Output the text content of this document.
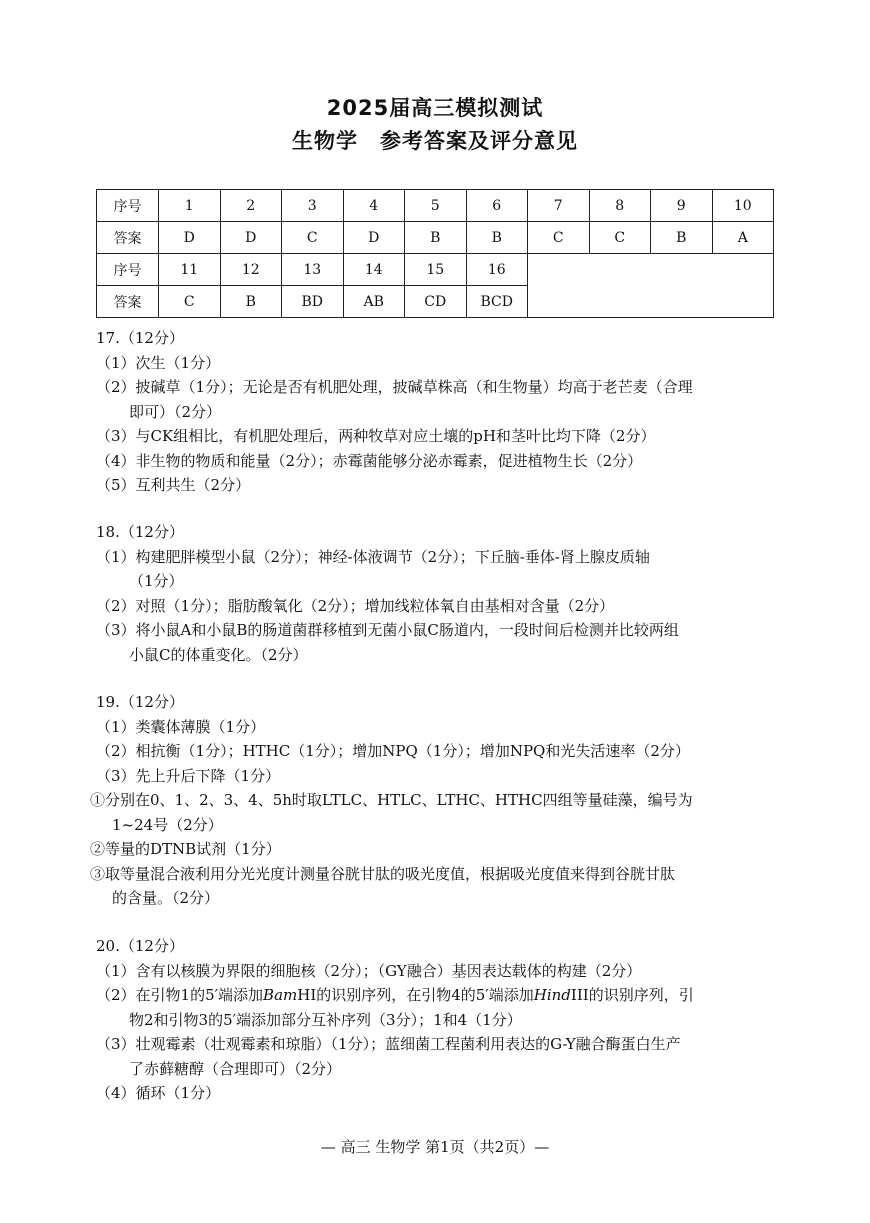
2025届高三模拟测试
生物学 参考答案及评分意见
序号	1	2	3	4	5	6	7	8	9	10
答案	D	D	C	D	B	B	C	C	B	A
序号	11	12	13	14	15	16				
答案	C	B	BD	AB	CD	BCD				
17.（12分）
（1）次生（1分）
（2）披碱草（1分）；无论是否有机肥处理，披碱草株高（和生物量）均高于老芒麦（合理
即可）（2分）
（3）与CK组相比，有机肥处理后，两种牧草对应土壤的pH和茎叶比均下降（2分）
（4）非生物的物质和能量（2分）；赤霉菌能够分泌赤霉素，促进植物生长（2分）
（5）互利共生（2分）
18.（12分）
（1）构建肥胖模型小鼠（2分）；神经-体液调节（2分）；下丘脑-垂体-肾上腺皮质轴
（1分）
（2）对照（1分）；脂肪酸氧化（2分）；增加线粒体氧自由基相对含量（2分）
（3）将小鼠A和小鼠B的肠道菌群移植到无菌小鼠C肠道内，一段时间后检测并比较两组
小鼠C的体重变化。（2分）
19.（12分）
（1）类囊体薄膜（1分）
（2）相抗衡（1分）；HTHC（1分）；增加NPQ（1分）；增加NPQ和光失活速率（2分）
（3）先上升后下降（1分）
①分别在0、1、2、3、4、5h时取LTLC、HTLC、LTHC、HTHC四组等量硅藻，编号为
1~24号（2分）
②等量的DTNB试剂（1分）
③取等量混合液利用分光光度计测量谷胱甘肽的吸光度值，根据吸光度值来得到谷胱甘肽
的含量。（2分）
20.（12分）
（1）含有以核膜为界限的细胞核（2分）；（GY融合）基因表达载体的构建（2分）
（2）在引物1的5′端添加BamHI的识别序列，在引物4的5′端添加HindIII的识别序列，引
物2和引物3的5′端添加部分互补序列（3分）；1和4（1分）
（3）壮观霉素（壮观霉素和琼脂）（1分）；蓝细菌工程菌利用表达的G-Y融合酶蛋白生产
了赤藓糖醇（合理即可）（2分）
（4）循环（1分）
— 高三 生物学 第1页（共2页）—
